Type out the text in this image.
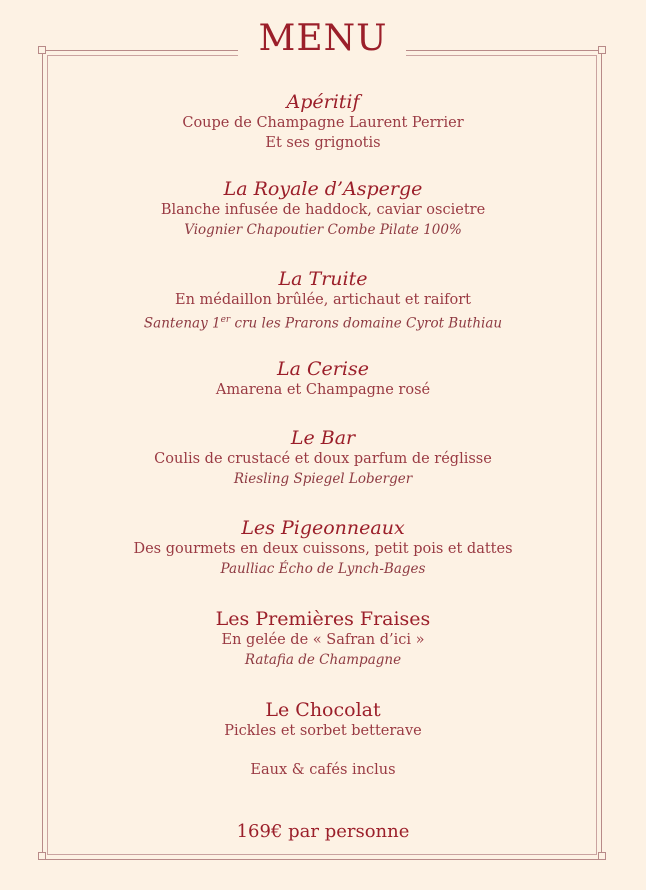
MENU
Apéritif
Coupe de Champagne Laurent Perrier
Et ses grignotis
La Royale d’Asperge
Blanche infusée de haddock, caviar oscietre
Viognier Chapoutier Combe Pilate 100%
La Truite
En médaillon brûlée, artichaut et raifort
Santenay 1er cru les Prarons domaine Cyrot Buthiau
La Cerise
Amarena et Champagne rosé
Le Bar
Coulis de crustacé et doux parfum de réglisse
Riesling Spiegel Loberger
Les Pigeonneaux
Des gourmets en deux cuissons, petit pois et dattes
Paulliac Écho de Lynch-Bages
Les Premières Fraises
En gelée de « Safran d’ici »
Ratafia de Champagne
Le Chocolat
Pickles et sorbet betterave
Eaux & cafés inclus
169€ par personne
